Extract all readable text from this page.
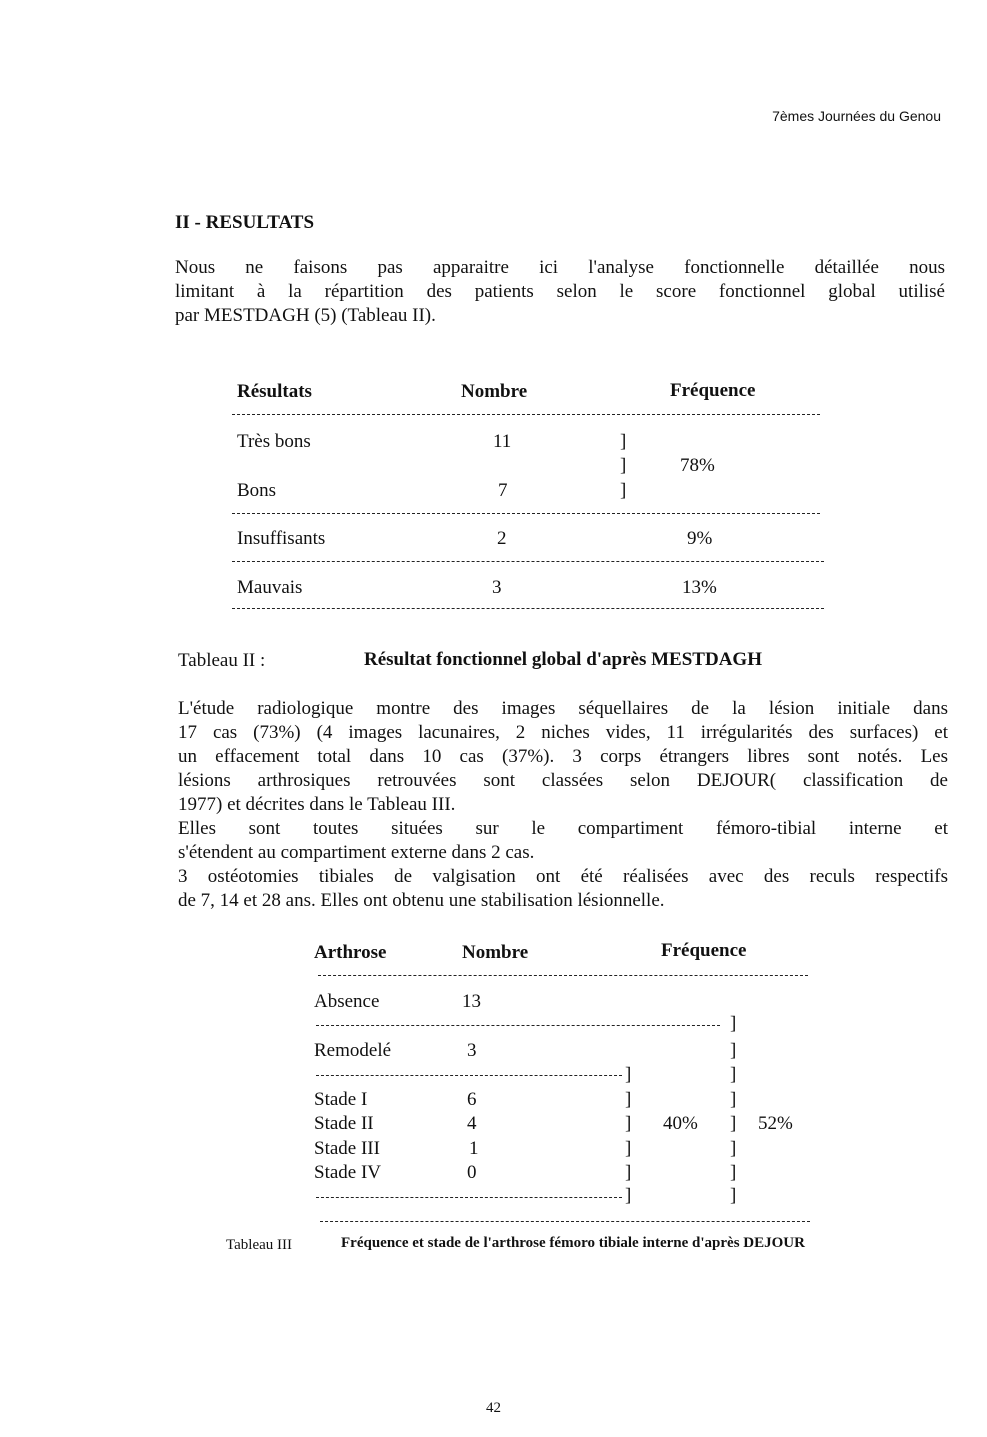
7èmes Journées du Genou
II - RESULTATS
Nous ne faisons pas apparaitre ici l'analyse fonctionnelle détaillée nous
limitant à la répartition des patients selon le score fonctionnel global utilisé
par MESTDAGH (5) (Tableau II).
Résultats	Nombre	Fréquence
Très bons	11	]
]	78%
Bons	7	]
Insuffisants	2	9%
Mauvais	3	13%
Tableau II :	Résultat fonctionnel global d'après MESTDAGH
L'étude radiologique montre des images séquellaires de la lésion initiale dans
17 cas (73%) (4 images lacunaires, 2 niches vides, 11 irrégularités des surfaces) et
un effacement total dans 10 cas (37%). 3 corps étrangers libres sont notés. Les
lésions arthrosiques retrouvées sont classées selon DEJOUR( classification de
1977) et décrites dans le Tableau III.
Elles sont toutes situées sur le compartiment fémoro-tibial interne et
s'étendent au compartiment externe dans 2 cas.
3 ostéotomies tibiales de valgisation ont été réalisées avec des reculs respectifs
de 7, 14 et 28 ans. Elles ont obtenu une stabilisation lésionnelle.
Arthrose	Nombre	Fréquence
Absence	13
]
Remodelé	3	]
]	]
Stade I	6	]	]
Stade II	4	] 40% ] 52%
Stade III	1	]	]
Stade IV	0	]	]
]	]
Tableau III	Fréquence et stade de l'arthrose fémoro tibiale interne d'après DEJOUR
42
